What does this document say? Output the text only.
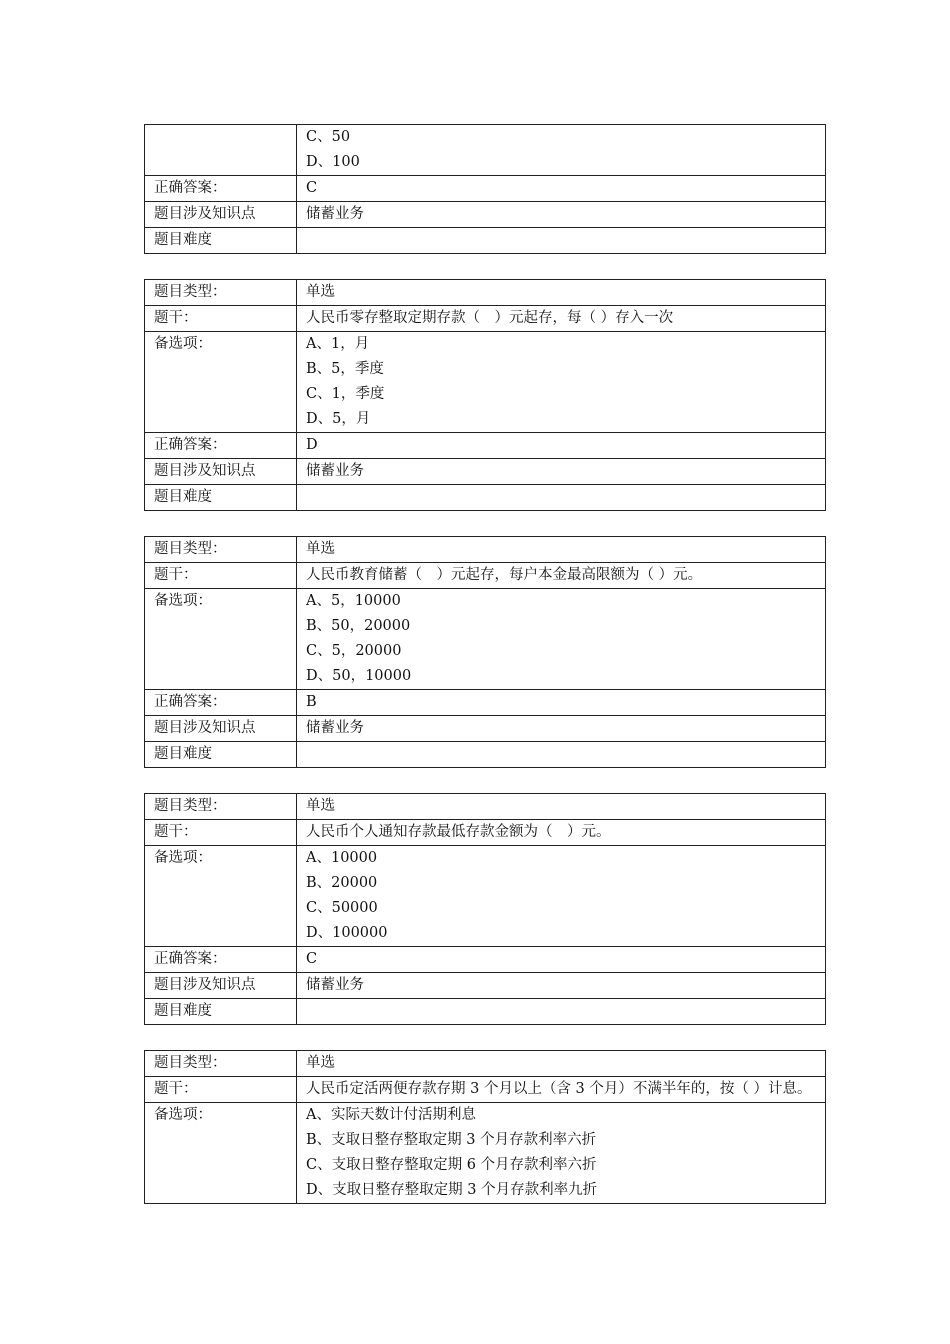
	C、50
D、100

正确答案：	C
题目涉及知识点	储蓄业务
题目难度	
题目类型：	单选
题干：	人民币零存整取定期存款（　）元起存，每（ ）存入一次
备选项：	A、1，月
B、5，季度
C、1，季度
D、5，月

正确答案：	D
题目涉及知识点	储蓄业务
题目难度	
题目类型：	单选
题干：	人民币教育储蓄（　）元起存，每户本金最高限额为（ ）元。
备选项：	A、5，10000
B、50，20000
C、5，20000
D、50，10000

正确答案：	B
题目涉及知识点	储蓄业务
题目难度	
题目类型：	单选
题干：	人民币个人通知存款最低存款金额为（　）元。
备选项：	A、10000
B、20000
C、50000
D、100000

正确答案：	C
题目涉及知识点	储蓄业务
题目难度	
题目类型：	单选
题干：	人民币定活两便存款存期 3 个月以上（含 3 个月）不满半年的，按（ ）计息。

备选项：	A、实际天数计付活期利息
B、支取日整存整取定期 3 个月存款利率六折
C、支取日整存整取定期 6 个月存款利率六折
D、支取日整存整取定期 3 个月存款利率九折
